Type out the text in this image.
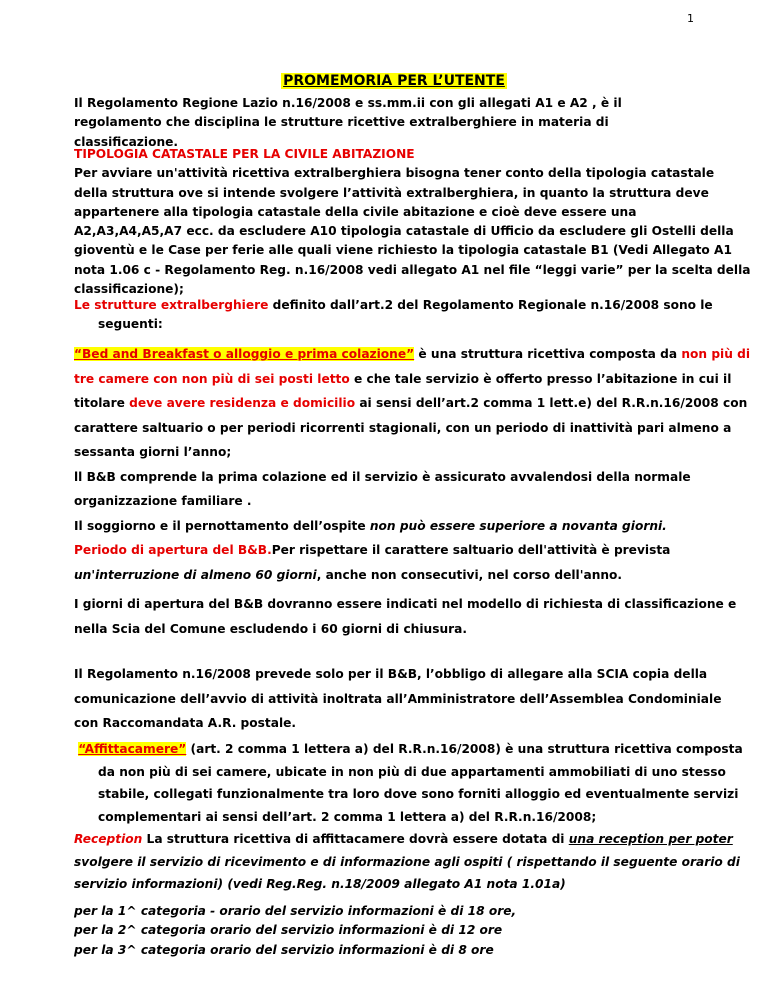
1
PROMEMORIA PER L’UTENTE
Il Regolamento Regione Lazio n.16/2008 e ss.mm.ii con gli allegati A1 e A2 , è il regolamento che disciplina le strutture ricettive extralberghiere in materia di classificazione.
TIPOLOGIA CATASTALE PER LA CIVILE ABITAZIONE
Per avviare un'attività ricettiva extralberghiera bisogna tener conto della tipologia catastale
della struttura ove si intende svolgere l’attività extralberghiera, in quanto la struttura deve
appartenere alla tipologia catastale della civile abitazione e cioè deve essere una
A2,A3,A4,A5,A7 ecc. da escludere A10 tipologia catastale di Ufficio da escludere gli Ostelli della
gioventù e le Case per ferie alle quali viene richiesto la tipologia catastale B1 (Vedi Allegato A1
nota 1.06 c - Regolamento Reg. n.16/2008 vedi allegato A1 nel file “leggi varie” per la scelta della
classificazione);
Le strutture extralberghiere definito dall’art.2 del Regolamento Regionale n.16/2008 sono le
seguenti:
“Bed and Breakfast o alloggio e prima colazione” è una struttura ricettiva composta da non più di
tre camere con non più di sei posti letto e che tale servizio è offerto presso l’abitazione in cui il
titolare deve avere residenza e domicilio ai sensi dell’art.2 comma 1 lett.e) del R.R.n.16/2008 con
carattere saltuario o per periodi ricorrenti stagionali, con un periodo di inattività pari almeno a
sessanta giorni l’anno;
ll B&B comprende la prima colazione ed il servizio è assicurato avvalendosi della normale
organizzazione familiare .
Il soggiorno e il pernottamento dell’ospite non può essere superiore a novanta giorni.
Periodo di apertura del B&B.Per rispettare il carattere saltuario dell'attività è prevista
un'interruzione di almeno 60 giorni, anche non consecutivi, nel corso dell'anno.
I giorni di apertura del B&B dovranno essere indicati nel modello di richiesta di classificazione e
nella Scia del Comune escludendo i 60 giorni di chiusura.
Il Regolamento n.16/2008 prevede solo per il B&B, l’obbligo di allegare alla SCIA copia della
comunicazione dell’avvio di attività inoltrata all’Amministratore dell’Assemblea Condominiale
con Raccomandata A.R. postale.
“Affittacamere” (art. 2 comma 1 lettera a) del R.R.n.16/2008) è una struttura ricettiva composta
da non più di sei camere, ubicate in non più di due appartamenti ammobiliati di uno stesso
stabile, collegati funzionalmente tra loro dove sono forniti alloggio ed eventualmente servizi
complementari ai sensi dell’art. 2 comma 1 lettera a) del R.R.n.16/2008;
Reception La struttura ricettiva di affittacamere dovrà essere dotata di una reception per poter
svolgere il servizio di ricevimento e di informazione agli ospiti ( rispettando il seguente orario di
servizio informazioni) (vedi Reg.Reg. n.18/2009 allegato A1 nota 1.01a)
per la 1^ categoria - orario del servizio informazioni è di 18 ore,
per la 2^ categoria orario del servizio informazioni è di 12 ore
per la 3^ categoria orario del servizio informazioni è di 8 ore
